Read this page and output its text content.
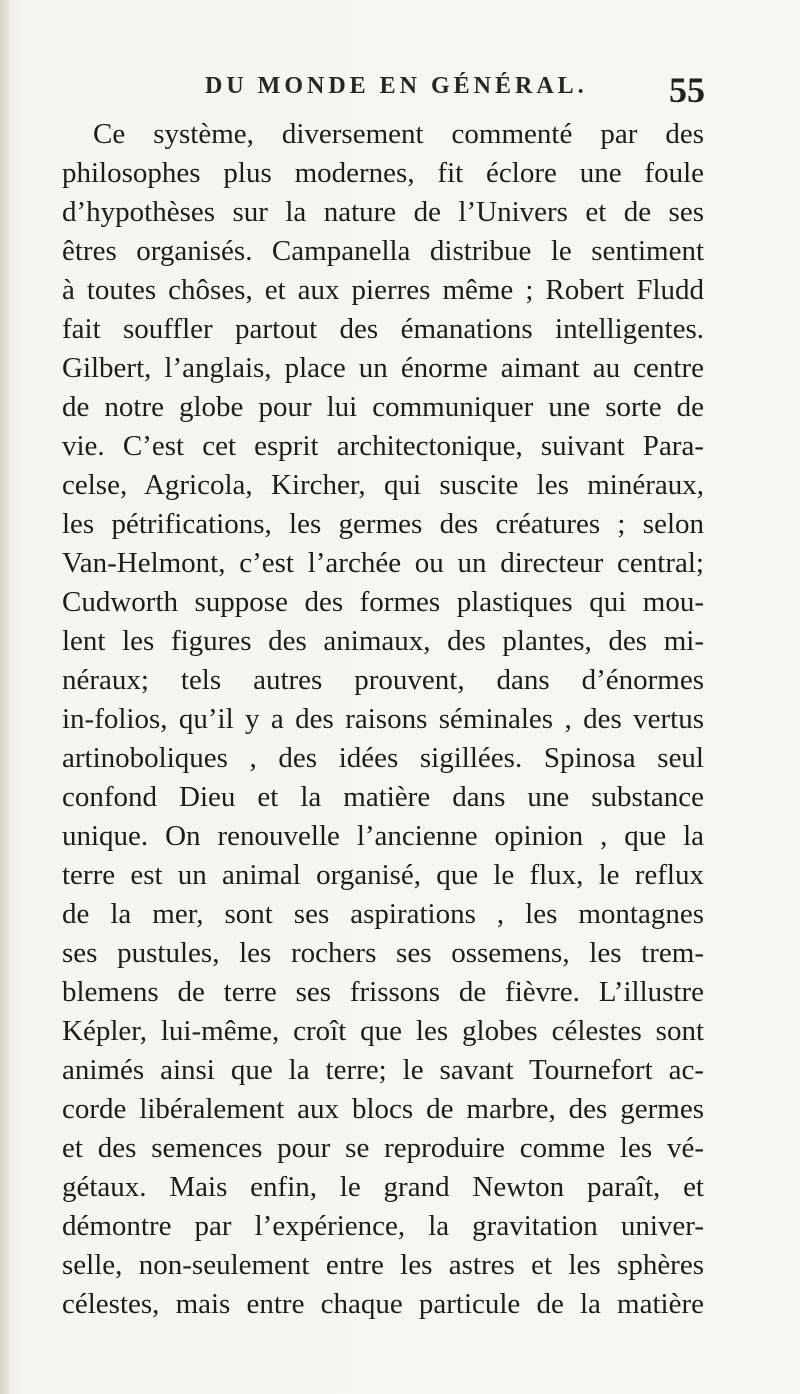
DU MONDE EN GÉNÉRAL. 55
Ce système, diversement commenté par des
philosophes plus modernes, fit éclore une foule
d’hypothèses sur la nature de l’Univers et de ses
êtres organisés. Campanella distribue le sentiment
à toutes chôses, et aux pierres même ; Robert Fludd
fait souffler partout des émanations intelligentes.
Gilbert, l’anglais, place un énorme aimant au centre
de notre globe pour lui communiquer une sorte de
vie. C’est cet esprit architectonique, suivant Para-
celse, Agricola, Kircher, qui suscite les minéraux,
les pétrifications, les germes des créatures ; selon
Van-Helmont, c’est l’archée ou un directeur central;
Cudworth suppose des formes plastiques qui mou-
lent les figures des animaux, des plantes, des mi-
néraux; tels autres prouvent, dans d’énormes
in-folios, qu’il y a des raisons séminales , des vertus
artinoboliques , des idées sigillées. Spinosa seul
confond Dieu et la matière dans une substance
unique. On renouvelle l’ancienne opinion , que la
terre est un animal organisé, que le flux, le reflux
de la mer, sont ses aspirations , les montagnes
ses pustules, les rochers ses ossemens, les trem-
blemens de terre ses frissons de fièvre. L’illustre
Képler, lui-même, croît que les globes célestes sont
animés ainsi que la terre; le savant Tournefort ac-
corde libéralement aux blocs de marbre, des germes
et des semences pour se reproduire comme les vé-
gétaux. Mais enfin, le grand Newton paraît, et
démontre par l’expérience, la gravitation univer-
selle, non-seulement entre les astres et les sphères
célestes, mais entre chaque particule de la matière
